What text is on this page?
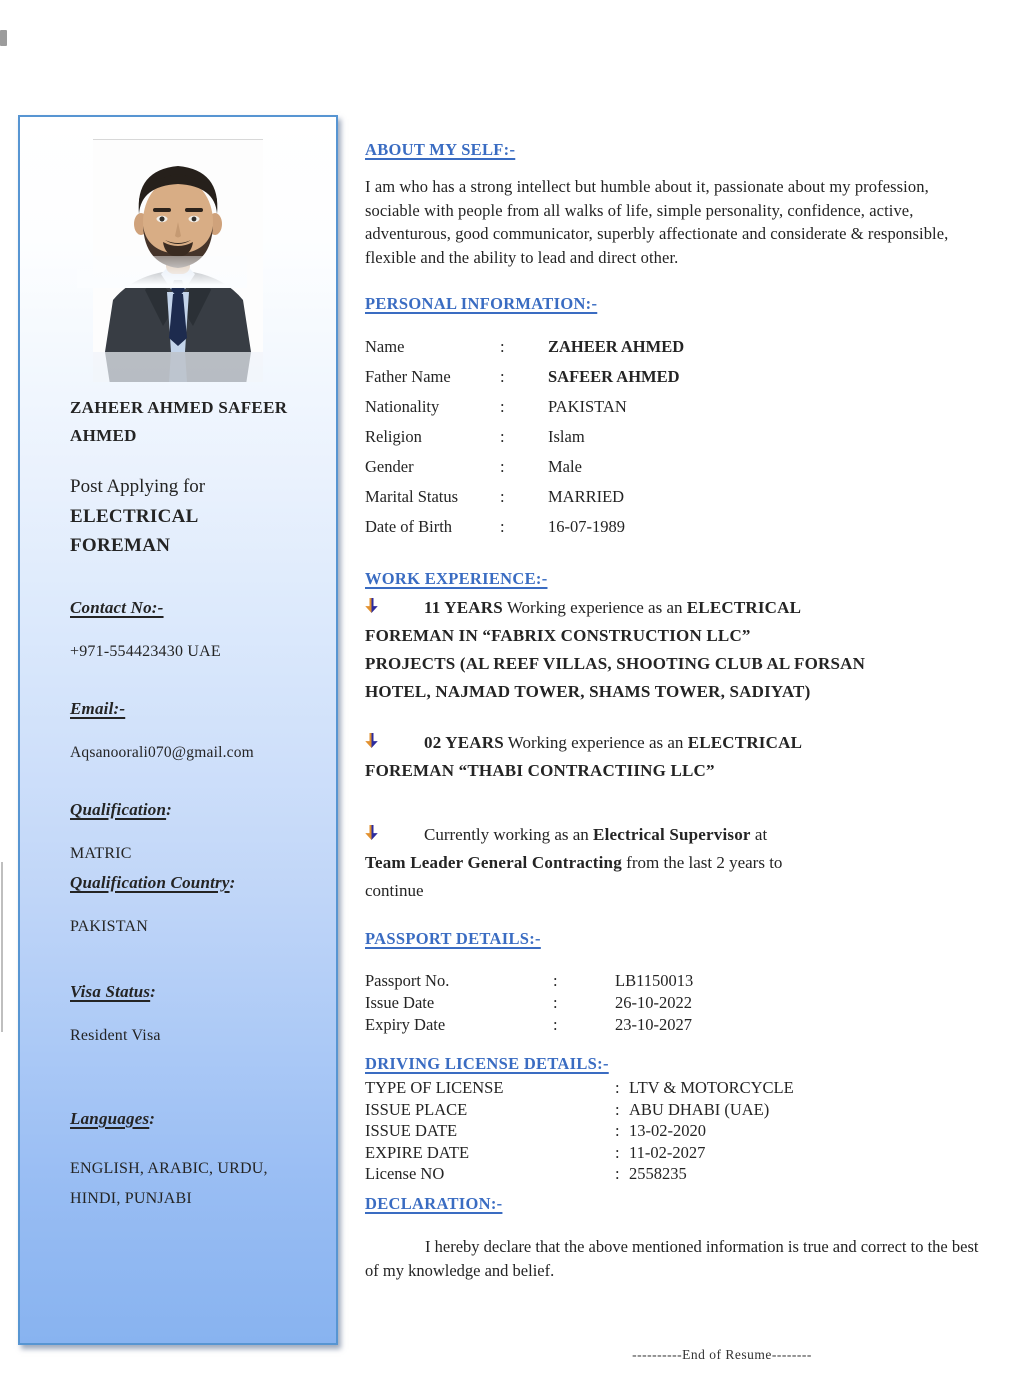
ZAHEER AHMED SAFEER AHMED

Post Applying for

ELECTRICAL FOREMAN

Contact No:-

+971-554423430 UAE

Email:-

Aqsanoorali070@gmail.com

Qualification:

MATRIC

Qualification Country:

PAKISTAN

Visa Status:

Resident Visa

Languages:

ENGLISH, ARABIC, URDU, HINDI, PUNJABI

ABOUT MY SELF:-

I am who has a strong intellect but humble about it, passionate about my profession, sociable with people from all walks of life, simple personality, confidence, active, adventurous, good communicator, superbly affectionate and considerate & responsible, flexible and the ability to lead and direct other.

PERSONAL INFORMATION:-
Name	:	ZAHEER AHMED
Father Name	:	SAFEER AHMED
Nationality	:	PAKISTAN
Religion	:	Islam
Gender	:	Male
Marital Status	:	MARRIED
Date of Birth	:	16-07-1989
WORK EXPERIENCE:-

11 YEARS Working experience as an ELECTRICAL
FOREMAN IN “FABRIX CONSTRUCTION LLC”
PROJECTS (AL REEF VILLAS, SHOOTING CLUB AL FORSAN
HOTEL, NAJMAD TOWER, SHAMS TOWER, SADIYAT)

02 YEARS Working experience as an ELECTRICAL
FOREMAN “THABI CONTRACTIING LLC”

Currently working as an Electrical Supervisor at
Team Leader General Contracting from the last 2 years to
continue

PASSPORT DETAILS:-
Passport No.	:	LB1150013
Issue Date	:	26-10-2022
Expiry Date	:	23-10-2027
DRIVING LICENSE DETAILS:-
TYPE OF LICENSE	: LTV & MOTORCYCLE
ISSUE PLACE	: ABU DHABI (UAE)
ISSUE DATE	: 13-02-2020
EXPIRE DATE	: 11-02-2027
License NO	: 2558235
DECLARATION:-

I hereby declare that the above mentioned information is true and correct to the best of my knowledge and belief.

----------End of Resume--------
